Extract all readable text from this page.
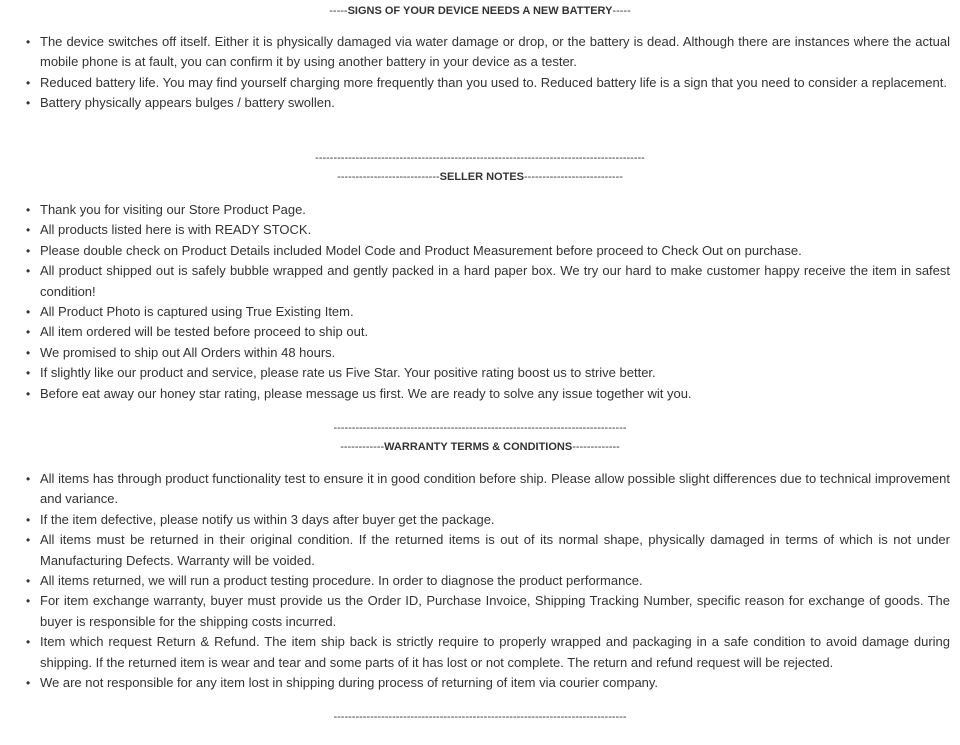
-----SIGNS OF YOUR DEVICE NEEDS A NEW BATTERY-----
• The device switches off itself. Either it is physically damaged via water damage or drop, or the battery is dead. Although there are instances where the actual mobile phone is at fault, you can confirm it by using another battery in your device as a tester.
• Reduced battery life. You may find yourself charging more frequently than you used to. Reduced battery life is a sign that you need to consider a replacement.
• Battery physically appears bulges / battery swollen.
------------------------------------------------------------------------------------------
----------------------------SELLER NOTES---------------------------
• Thank you for visiting our Store Product Page.
• All products listed here is with READY STOCK.
• Please double check on Product Details included Model Code and Product Measurement before proceed to Check Out on purchase.
• All product shipped out is safely bubble wrapped and gently packed in a hard paper box. We try our hard to make customer happy receive the item in safest condition!
• All Product Photo is captured using True Existing Item.
• All item ordered will be tested before proceed to ship out.
• We promised to ship out All Orders within 48 hours.
• If slightly like our product and service, please rate us Five Star. Your positive rating boost us to strive better.
• Before eat away our honey star rating, please message us first. We are ready to solve any issue together wit you.
--------------------------------------------------------------------------------
------------WARRANTY TERMS & CONDITIONS-------------
• All items has through product functionality test to ensure it in good condition before ship. Please allow possible slight differences due to technical improvement and variance.
• If the item defective, please notify us within 3 days after buyer get the package.
• All items must be returned in their original condition. If the returned items is out of its normal shape, physically damaged in terms of which is not under Manufacturing Defects. Warranty will be voided.
• All items returned, we will run a product testing procedure. In order to diagnose the product performance.
• For item exchange warranty, buyer must provide us the Order ID, Purchase Invoice, Shipping Tracking Number, specific reason for exchange of goods. The buyer is responsible for the shipping costs incurred.
• Item which request Return & Refund. The item ship back is strictly require to properly wrapped and packaging in a safe condition to avoid damage during shipping. If the returned item is wear and tear and some parts of it has lost or not complete. The return and refund request will be rejected.
• We are not responsible for any item lost in shipping during process of returning of item via courier company.
--------------------------------------------------------------------------------
